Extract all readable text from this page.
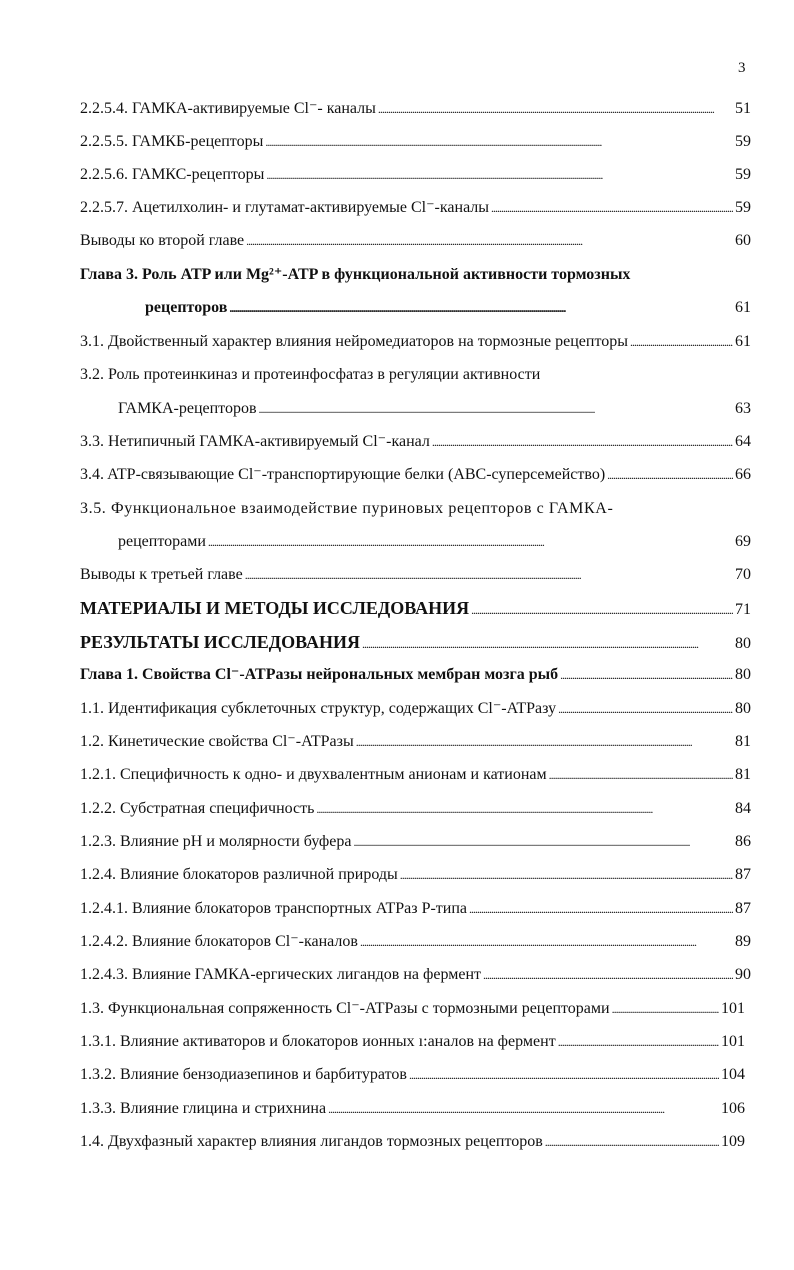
3
2.2.5.4. ГАМКА-активируемые Cl⁻- каналы . . .	51
2.2.5.5. ГАМКБ-рецепторы . . .	59
2.2.5.6. ГАМКС-рецепторы . . .	59
2.2.5.7. Ацетилхолин- и глутамат-активируемые Cl⁻-каналы . . .	59
Выводы ко второй главе . . .	60
Глава 3. Роль ATP или Mg²⁺-ATP в функциональной активности тормозных
рецепторов . . .	61
3.1. Двойственный характер влияния нейромедиаторов на тормозные рецепторы . . .	61
3.2. Роль протеинкиназ и протеинфосфатаз в регуляции активности
ГАМКА-рецепторов . . .	63
3.3. Нетипичный ГАМКА-активируемый Cl⁻-канал . . .	64
3.4. ATP-связывающие Cl⁻-транспортирующие белки (ABC-суперсемейство) . . .	66
3.5. Функциональное взаимодействие пуриновых рецепторов с ГАМКА-
рецепторами . . .	69
Выводы к третьей главе . . .	70
МАТЕРИАЛЫ И МЕТОДЫ ИССЛЕДОВАНИЯ . . .	71
РЕЗУЛЬТАТЫ ИССЛЕДОВАНИЯ . . .	80
Глава 1. Свойства Cl⁻-ATPазы нейрональных мембран мозга рыб . . .	80
1.1. Идентификация субклеточных структур, содержащих Cl⁻-ATPазу . . .	80
1.2. Кинетические свойства Cl⁻-ATPазы . . .	81
1.2.1. Специфичность к одно- и двухвалентным анионам и катионам . . .	81
1.2.2. Субстратная специфичность . . .	84
1.2.3. Влияние pH и молярности буфера . . .	86
1.2.4. Влияние блокаторов различной природы . . .	87
1.2.4.1. Влияние блокаторов транспортных ATPаз P-типа . . .	87
1.2.4.2. Влияние блокаторов Cl⁻-каналов . . .	89
1.2.4.3. Влияние ГАМКА-ергических лигандов на фермент . . .	90
1.3. Функциональная сопряженность Cl⁻-ATPазы с тормозными рецепторами . . .	101
1.3.1. Влияние активаторов и блокаторов ионных ı:аналов на фермент . . .	101
1.3.2. Влияние бензодиазепинов и барбитуратов . . .	104
1.3.3. Влияние глицина и стрихнина . . .	106
1.4. Двухфазный характер влияния лигандов тормозных рецепторов . . .	109
